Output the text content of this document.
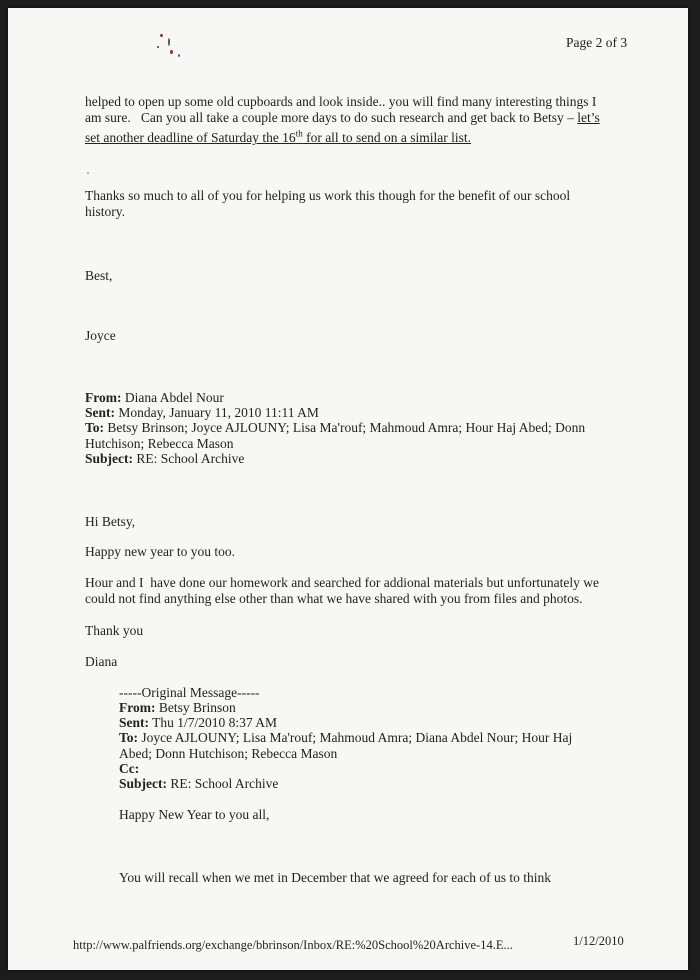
Page 2 of 3
helped to open up some old cupboards and look inside.. you will find many interesting things I
am sure.   Can you all take a couple more days to do such research and get back to Betsy – let’s
set another deadline of Saturday the 16th for all to send on a similar list.
Thanks so much to all of you for helping us work this though for the benefit of our school
history.
Best,
Joyce
From: Diana Abdel Nour
Sent: Monday, January 11, 2010 11:11 AM
To: Betsy Brinson; Joyce AJLOUNY; Lisa Ma'rouf; Mahmoud Amra; Hour Haj Abed; Donn
Hutchison; Rebecca Mason
Subject: RE: School Archive
Hi Betsy,
Happy new year to you too.
Hour and I  have done our homework and searched for addional materials but unfortunately we
could not find anything else other than what we have shared with you from files and photos.
Thank you
Diana
-----Original Message-----
From: Betsy Brinson
Sent: Thu 1/7/2010 8:37 AM
To: Joyce AJLOUNY; Lisa Ma'rouf; Mahmoud Amra; Diana Abdel Nour; Hour Haj
Abed; Donn Hutchison; Rebecca Mason
Cc:
Subject: RE: School Archive
Happy New Year to you all,
You will recall when we met in December that we agreed for each of us to think
http://www.palfriends.org/exchange/bbrinson/Inbox/RE:%20School%20Archive-14.E...	1/12/2010
